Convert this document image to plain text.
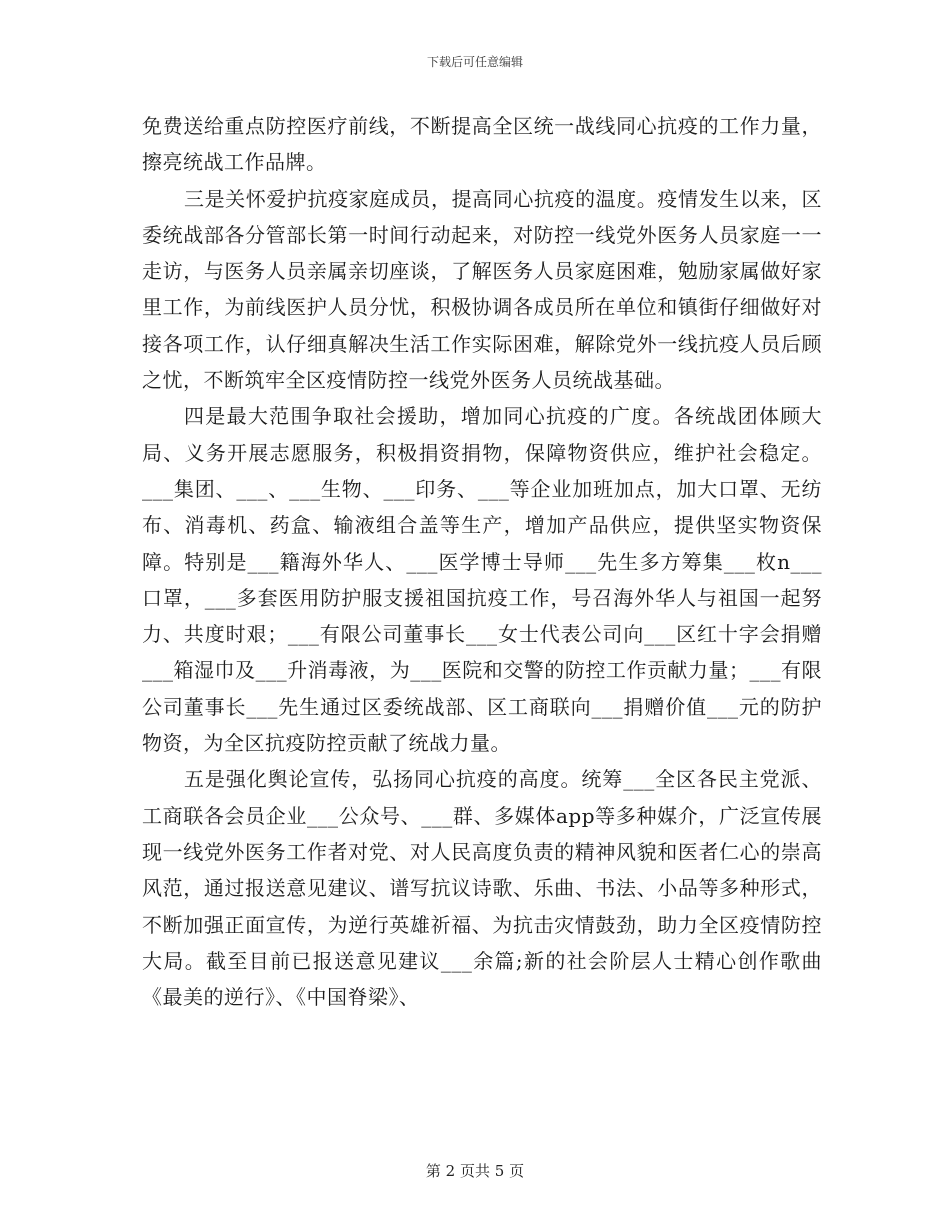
下载后可任意编辑

免费送给重点防控医疗前线，不断提高全区统一战线同心抗疫的工作力量，擦亮统战工作品牌。

三是关怀爱护抗疫家庭成员，提高同心抗疫的温度。疫情发生以来，区委统战部各分管部长第一时间行动起来，对防控一线党外医务人员家庭一一走访，与医务人员亲属亲切座谈，了解医务人员家庭困难，勉励家属做好家里工作，为前线医护人员分忧，积极协调各成员所在单位和镇街仔细做好对接各项工作，认仔细真解决生活工作实际困难，解除党外一线抗疫人员后顾之忧，不断筑牢全区疫情防控一线党外医务人员统战基础。

四是最大范围争取社会援助，增加同心抗疫的广度。各统战团体顾大局、义务开展志愿服务，积极捐资捐物，保障物资供应，维护社会稳定。___集团、___、___生物、___印务、___等企业加班加点，加大口罩、无纺布、消毒机、药盒、输液组合盖等生产，增加产品供应，提供坚实物资保障。特别是___籍海外华人、___医学博士导师___先生多方筹集___枚n___口罩，___多套医用防护服支援祖国抗疫工作，号召海外华人与祖国一起努力、共度时艰；___有限公司董事长___女士代表公司向___区红十字会捐赠___箱湿巾及___升消毒液，为___医院和交警的防控工作贡献力量；___有限公司董事长___先生通过区委统战部、区工商联向___捐赠价值___元的防护物资，为全区抗疫防控贡献了统战力量。

五是强化舆论宣传，弘扬同心抗疫的高度。统筹___全区各民主党派、工商联各会员企业___公众号、___群、多媒体app等多种媒介，广泛宣传展现一线党外医务工作者对党、对人民高度负责的精神风貌和医者仁心的崇高风范，通过报送意见建议、谱写抗议诗歌、乐曲、书法、小品等多种形式，不断加强正面宣传，为逆行英雄祈福、为抗击灾情鼓劲，助力全区疫情防控大局。截至目前已报送意见建议___余篇;新的社会阶层人士精心创作歌曲《最美的逆行》、《中国脊梁》、

第 2 页共 5 页
